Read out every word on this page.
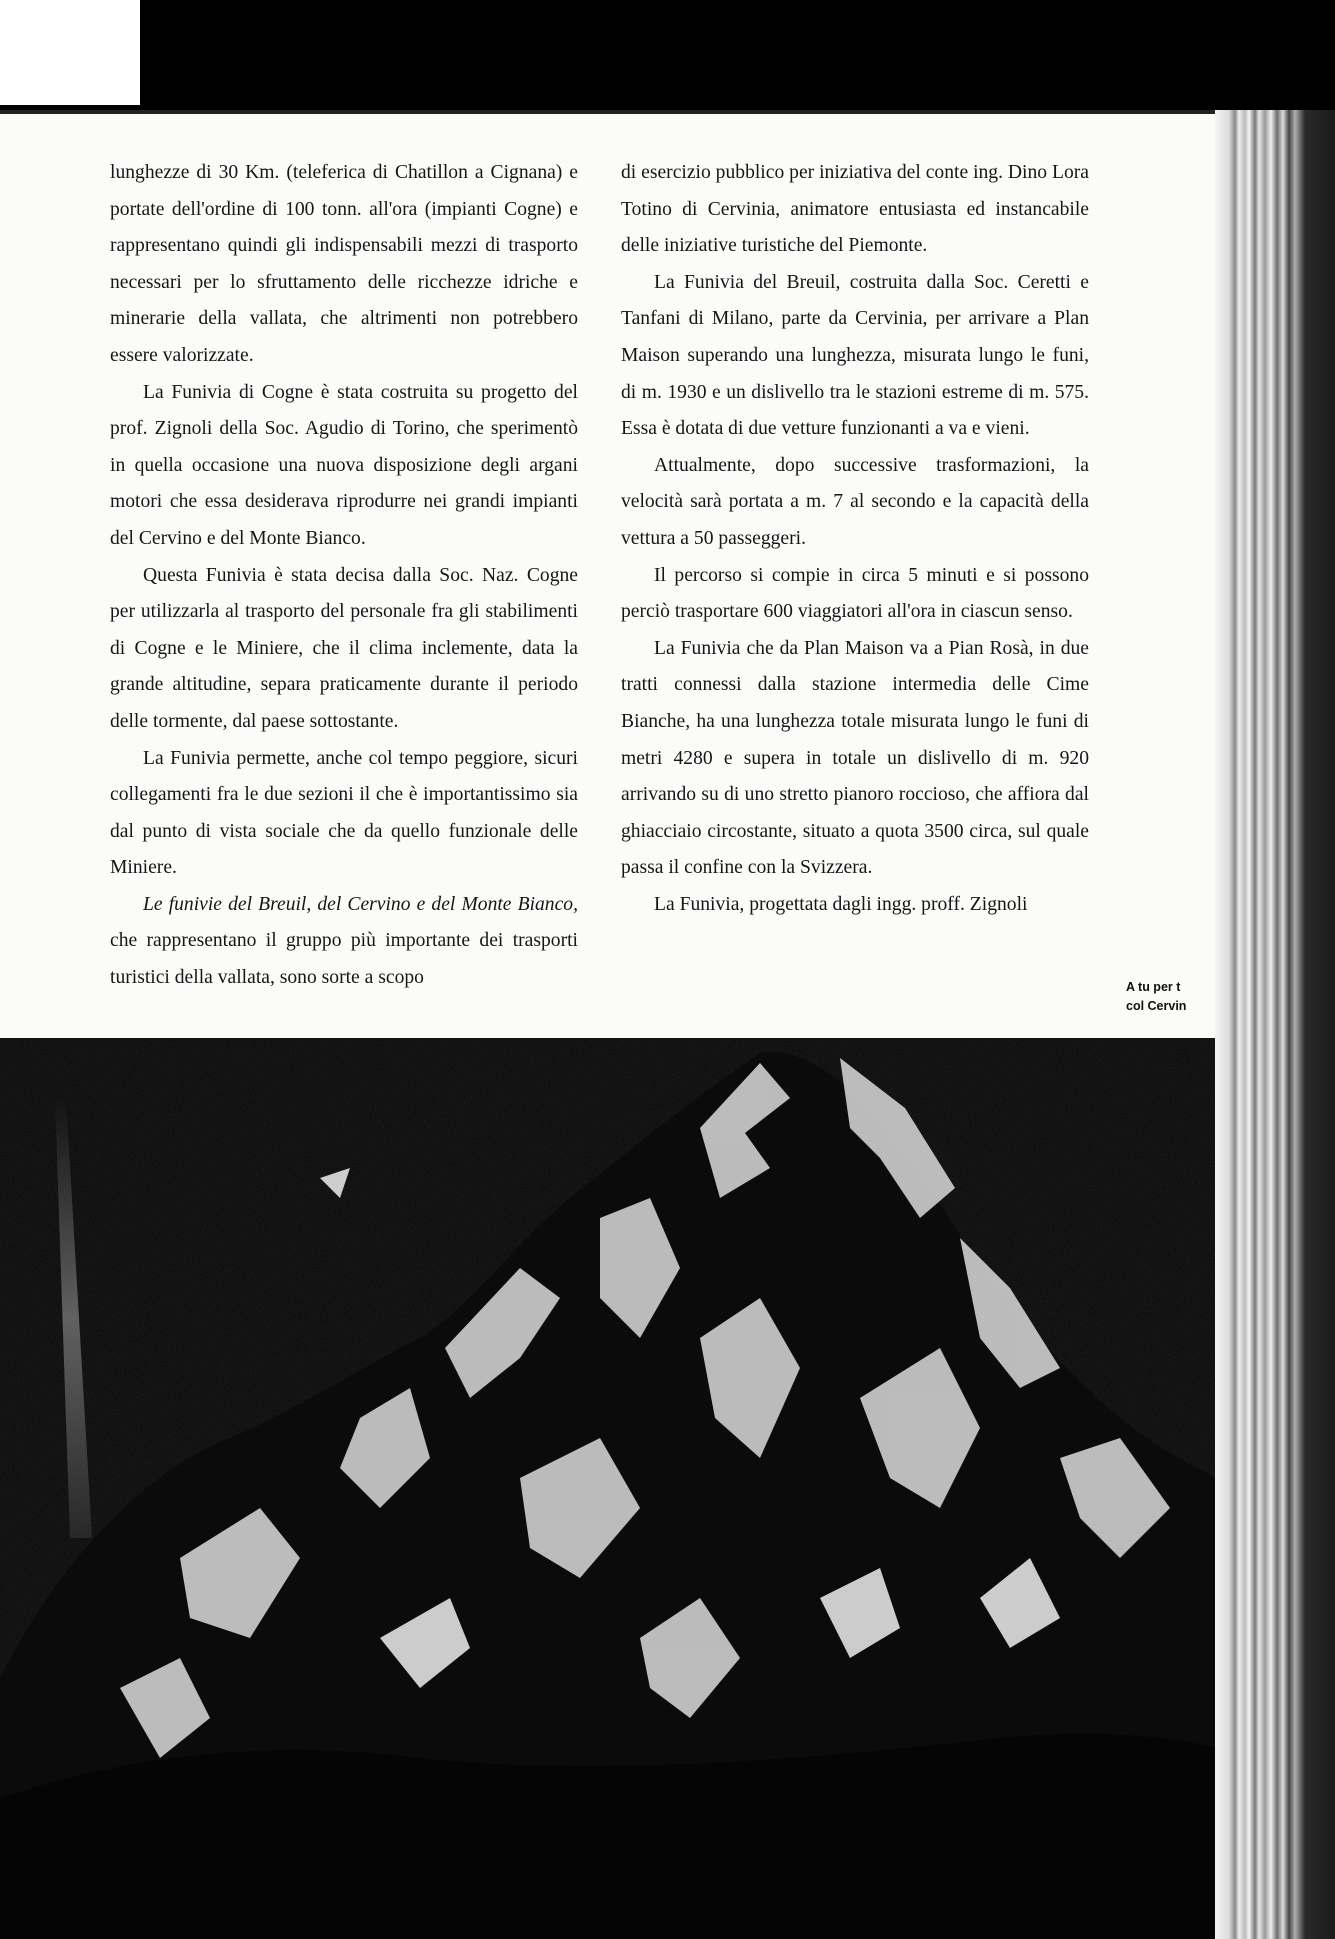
lunghezze di 30 Km. (teleferica di Chatillon a Cignana) e portate dell'ordine di 100 tonn. all'ora (impianti Cogne) e rappresentano quindi gli indispensabili mezzi di trasporto necessari per lo sfruttamento delle ricchezze idriche e minerarie della vallata, che altrimenti non potrebbero essere valorizzate.

La Funivia di Cogne è stata costruita su progetto del prof. Zignoli della Soc. Agudio di Torino, che sperimentò in quella occasione una nuova disposizione degli argani motori che essa desiderava riprodurre nei grandi impianti del Cervino e del Monte Bianco.

Questa Funivia è stata decisa dalla Soc. Naz. Cogne per utilizzarla al trasporto del personale fra gli stabilimenti di Cogne e le Miniere, che il clima inclemente, data la grande altitudine, separa praticamente durante il periodo delle tormente, dal paese sottostante.

La Funivia permette, anche col tempo peggiore, sicuri collegamenti fra le due sezioni il che è importantissimo sia dal punto di vista sociale che da quello funzionale delle Miniere.

Le funivie del Breuil, del Cervino e del Monte Bianco, che rappresentano il gruppo più importante dei trasporti turistici della vallata, sono sorte a scopo

di esercizio pubblico per iniziativa del conte ing. Dino Lora Totino di Cervinia, animatore entusiasta ed instancabile delle iniziative turistiche del Piemonte.

La Funivia del Breuil, costruita dalla Soc. Ceretti e Tanfani di Milano, parte da Cervinia, per arrivare a Plan Maison superando una lunghezza, misurata lungo le funi, di m. 1930 e un dislivello tra le stazioni estreme di m. 575. Essa è dotata di due vetture funzionanti a va e vieni.

Attualmente, dopo successive trasformazioni, la velocità sarà portata a m. 7 al secondo e la capacità della vettura a 50 passeggeri.

Il percorso si compie in circa 5 minuti e si possono perciò trasportare 600 viaggiatori all'ora in ciascun senso.

La Funivia che da Plan Maison va a Pian Rosà, in due tratti connessi dalla stazione intermedia delle Cime Bianche, ha una lunghezza totale misurata lungo le funi di metri 4280 e supera in totale un dislivello di m. 920 arrivando su di uno stretto pianoro roccioso, che affiora dal ghiacciaio circostante, situato a quota 3500 circa, sul quale passa il confine con la Svizzera.

La Funivia, progettata dagli ingg. proff. Zignoli

A tu per t
col Cervin
